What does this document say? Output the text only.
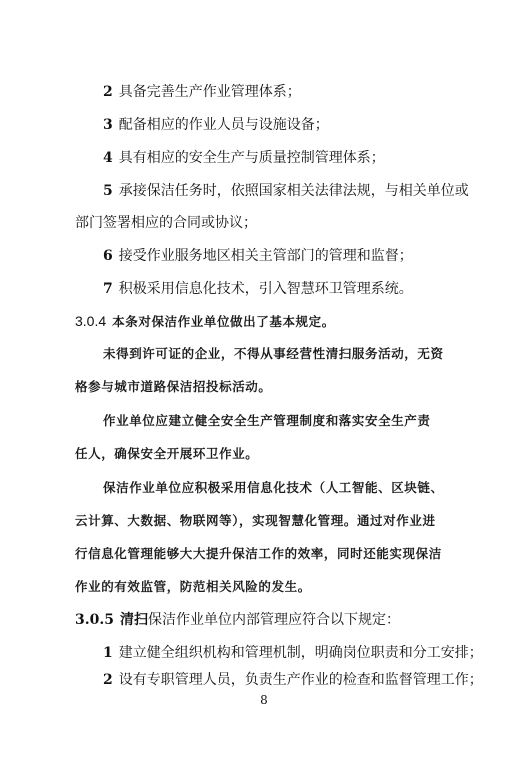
2 具备完善生产作业管理体系；
3 配备相应的作业人员与设施设备；
4 具有相应的安全生产与质量控制管理体系；
5 承接保洁任务时，依照国家相关法律法规，与相关单位或
部门签署相应的合同或协议；
6 接受作业服务地区相关主管部门的管理和监督；
7 积极采用信息化技术，引入智慧环卫管理系统。
3.0.4 本条对保洁作业单位做出了基本规定。
未得到许可证的企业，不得从事经营性清扫服务活动，无资
格参与城市道路保洁招投标活动。
作业单位应建立健全安全生产管理制度和落实安全生产责
任人，确保安全开展环卫作业。
保洁作业单位应积极采用信息化技术（人工智能、区块链、
云计算、大数据、物联网等），实现智慧化管理。通过对作业进
行信息化管理能够大大提升保洁工作的效率，同时还能实现保洁
作业的有效监管，防范相关风险的发生。
3.0.5 清扫保洁作业单位内部管理应符合以下规定：
1 建立健全组织机构和管理机制，明确岗位职责和分工安排；
2 设有专职管理人员，负责生产作业的检查和监督管理工作；
8
